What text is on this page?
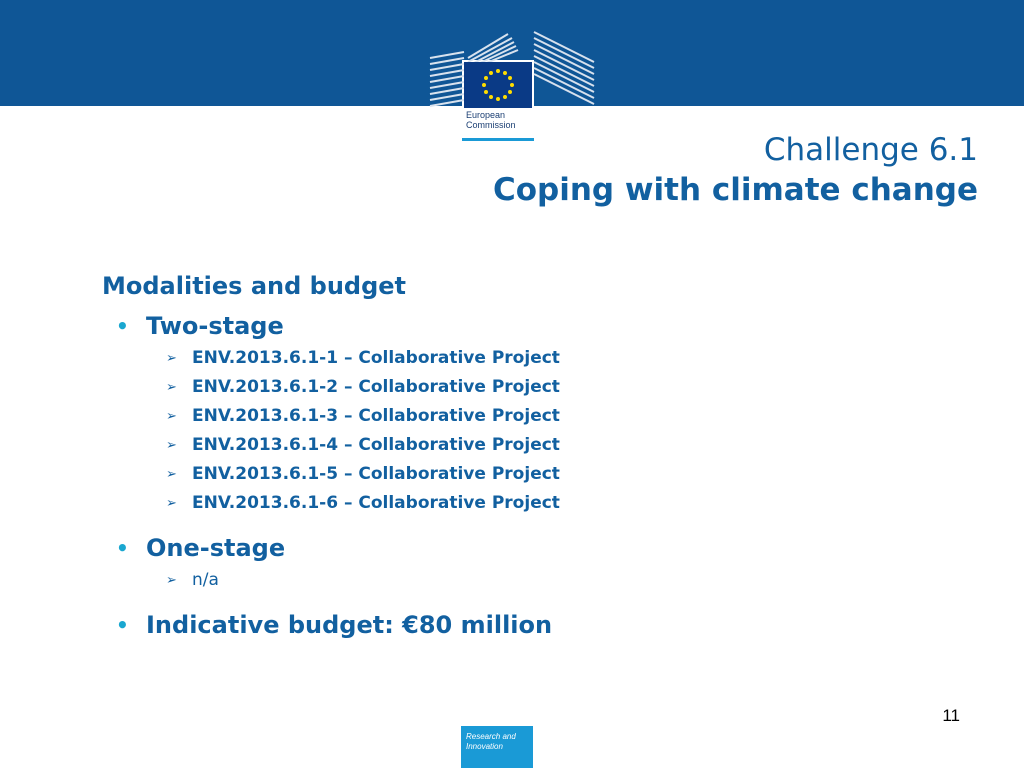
European
Commission
Challenge 6.1
Coping with climate change
Modalities and budget
• Two-stage
➢ ENV.2013.6.1-1 – Collaborative Project
➢ ENV.2013.6.1-2 – Collaborative Project
➢ ENV.2013.6.1-3 – Collaborative Project
➢ ENV.2013.6.1-4 – Collaborative Project
➢ ENV.2013.6.1-5 – Collaborative Project
➢ ENV.2013.6.1-6 – Collaborative Project
• One-stage
➢ n/a
• Indicative budget: €80 million
11
Research and
Innovation
